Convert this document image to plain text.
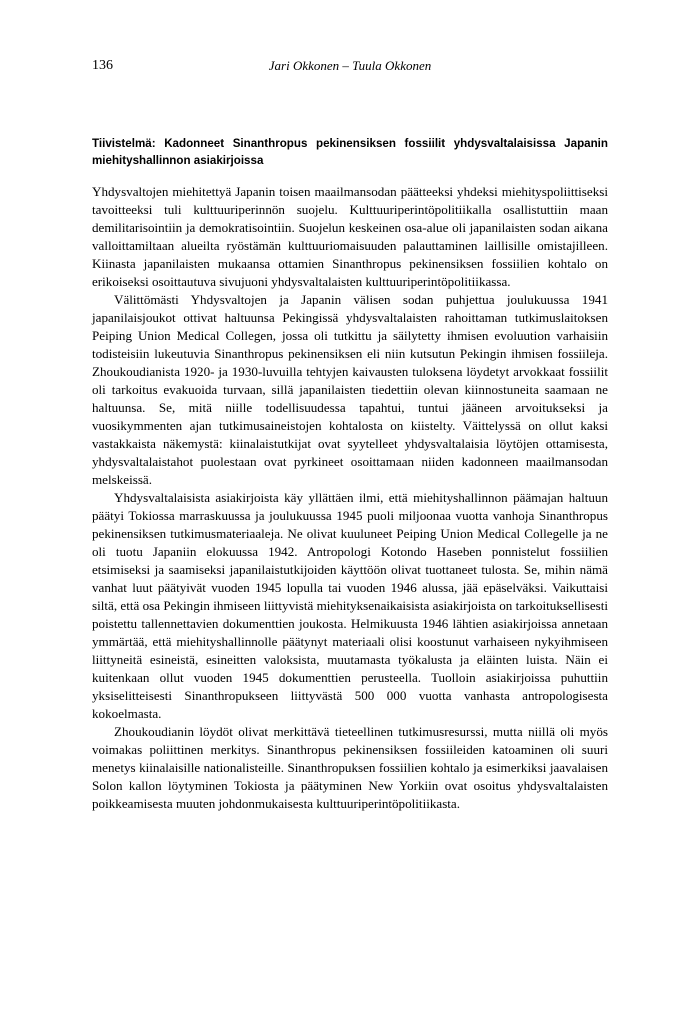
136	Jari Okkonen – Tuula Okkonen
Tiivistelmä: Kadonneet Sinanthropus pekinensiksen fossiilit yhdysvaltalaisissa Japanin miehityshallinnon asiakirjoissa

Yhdysvaltojen miehitettyä Japanin toisen maailmansodan päätteeksi yhdeksi miehityspoliittiseksi tavoitteeksi tuli kulttuuriperinnön suojelu. Kulttuuriperintöpolitiikalla osallistuttiin maan demilitarisointiin ja demokratisointiin. Suojelun keskeinen osa-alue oli japanilaisten sodan aikana valloittamiltaan alueilta ryöstämän kulttuuriomaisuuden palauttaminen laillisille omistajilleen. Kiinasta japanilaisten mukaansa ottamien Sinanthropus pekinensiksen fossiilien kohtalo on erikoiseksi osoittautuva sivujuoni yhdysvaltalaisten kulttuuriperintöpolitiikassa.

Välittömästi Yhdysvaltojen ja Japanin välisen sodan puhjettua joulukuussa 1941 japanilaisjoukot ottivat haltuunsa Pekingissä yhdysvaltalaisten rahoittaman tutkimuslaitoksen Peiping Union Medical Collegen, jossa oli tutkittu ja säilytetty ihmisen evoluution varhaisiin todisteisiin lukeutuvia Sinanthropus pekinensiksen eli niin kutsutun Pekingin ihmisen fossiileja. Zhoukoudianista 1920- ja 1930-luvuilla tehtyjen kaivausten tuloksena löydetyt arvokkaat fossiilit oli tarkoitus evakuoida turvaan, sillä japanilaisten tiedettiin olevan kiinnostuneita saamaan ne haltuunsa. Se, mitä niille todellisuudessa tapahtui, tuntui jääneen arvoitukseksi ja vuosikymmenten ajan tutkimusaineistojen kohtalosta on kiistelty. Väittelyssä on ollut kaksi vastakkaista näkemystä: kiinalaistutkijat ovat syytelleet yhdysvaltalaisia löytöjen ottamisesta, yhdysvaltalaistahot puolestaan ovat pyrkineet osoittamaan niiden kadonneen maailmansodan melskeissä.

Yhdysvaltalaisista asiakirjoista käy yllättäen ilmi, että miehityshallinnon päämajan haltuun päätyi Tokiossa marraskuussa ja joulukuussa 1945 puoli miljoonaa vuotta vanhoja Sinanthropus pekinensiksen tutkimusmateriaaleja. Ne olivat kuuluneet Peiping Union Medical Collegelle ja ne oli tuotu Japaniin elokuussa 1942. Antropologi Kotondo Haseben ponnistelut fossiilien etsimiseksi ja saamiseksi japanilaistutkijoiden käyttöön olivat tuottaneet tulosta. Se, mihin nämä vanhat luut päätyivät vuoden 1945 lopulla tai vuoden 1946 alussa, jää epäselväksi. Vaikuttaisi siltä, että osa Pekingin ihmiseen liittyvistä miehityksenaikaisista asiakirjoista on tarkoituksellisesti poistettu tallennettavien dokumenttien joukosta. Helmikuusta 1946 lähtien asiakirjoissa annetaan ymmärtää, että miehityshallinnolle päätynyt materiaali olisi koostunut varhaiseen nykyihmiseen liittyneitä esineistä, esineitten valoksista, muutamasta työkalusta ja eläinten luista. Näin ei kuitenkaan ollut vuoden 1945 dokumenttien perusteella. Tuolloin asiakirjoissa puhuttiin yksiselitteisesti Sinanthropukseen liittyvästä 500 000 vuotta vanhasta antropologisesta kokoelmasta.

Zhoukoudianin löydöt olivat merkittävä tieteellinen tutkimusresurssi, mutta niillä oli myös voimakas poliittinen merkitys. Sinanthropus pekinensiksen fossiileiden katoaminen oli suuri menetys kiinalaisille nationalisteille. Sinanthropuksen fossiilien kohtalo ja esimerkiksi jaavalaisen Solon kallon löytyminen Tokiosta ja päätyminen New Yorkiin ovat osoitus yhdysvaltalaisten poikkeamisesta muuten johdonmukaisesta kulttuuriperintöpolitiikasta.
